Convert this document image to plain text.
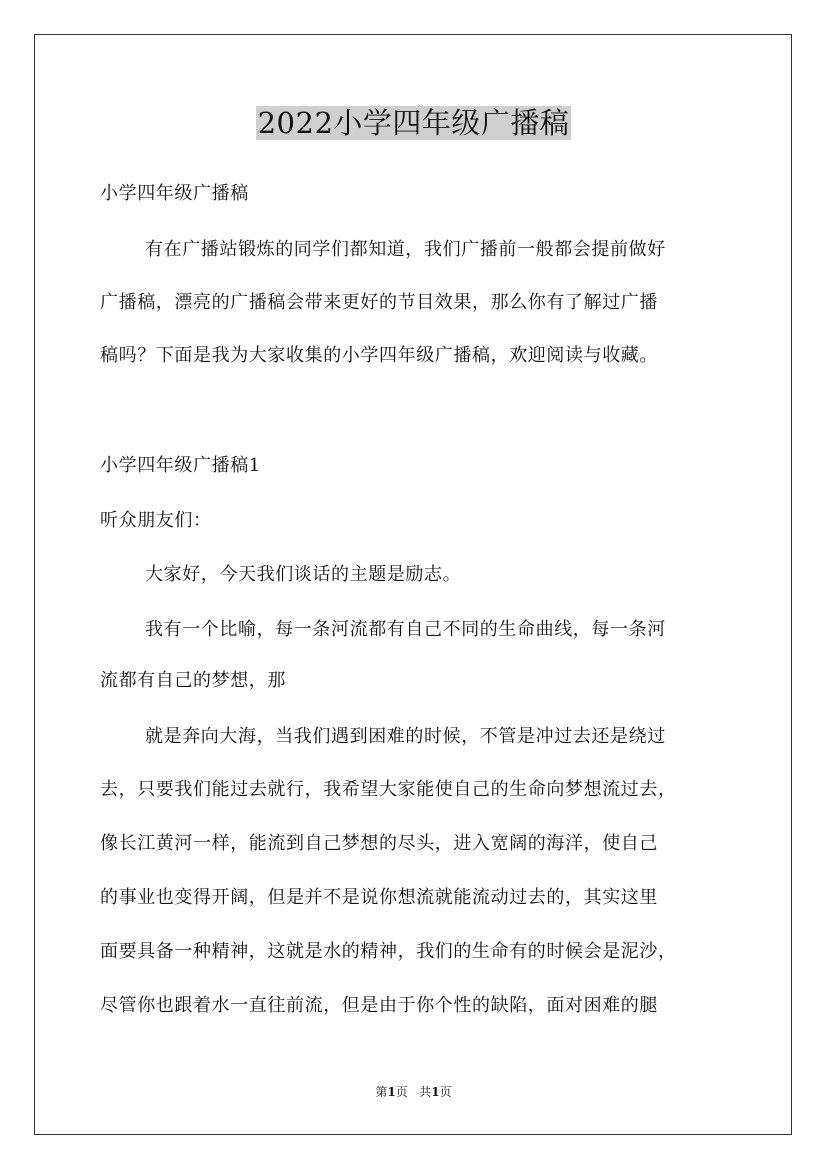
2022小学四年级广播稿
小学四年级广播稿
有在广播站锻炼的同学们都知道，我们广播前一般都会提前做好
广播稿，漂亮的广播稿会带来更好的节目效果，那么你有了解过广播
稿吗？下面是我为大家收集的小学四年级广播稿，欢迎阅读与收藏。
小学四年级广播稿1
听众朋友们：
大家好，今天我们谈话的主题是励志。
我有一个比喻，每一条河流都有自己不同的生命曲线，每一条河
流都有自己的梦想，那
就是奔向大海，当我们遇到困难的时候，不管是冲过去还是绕过
去，只要我们能过去就行，我希望大家能使自己的生命向梦想流过去，
像长江黄河一样，能流到自己梦想的尽头，进入宽阔的海洋，使自己
的事业也变得开阔，但是并不是说你想流就能流动过去的，其实这里
面要具备一种精神，这就是水的精神，我们的生命有的时候会是泥沙，
尽管你也跟着水一直往前流，但是由于你个性的缺陷，面对困难的腿
第1页 共1页
